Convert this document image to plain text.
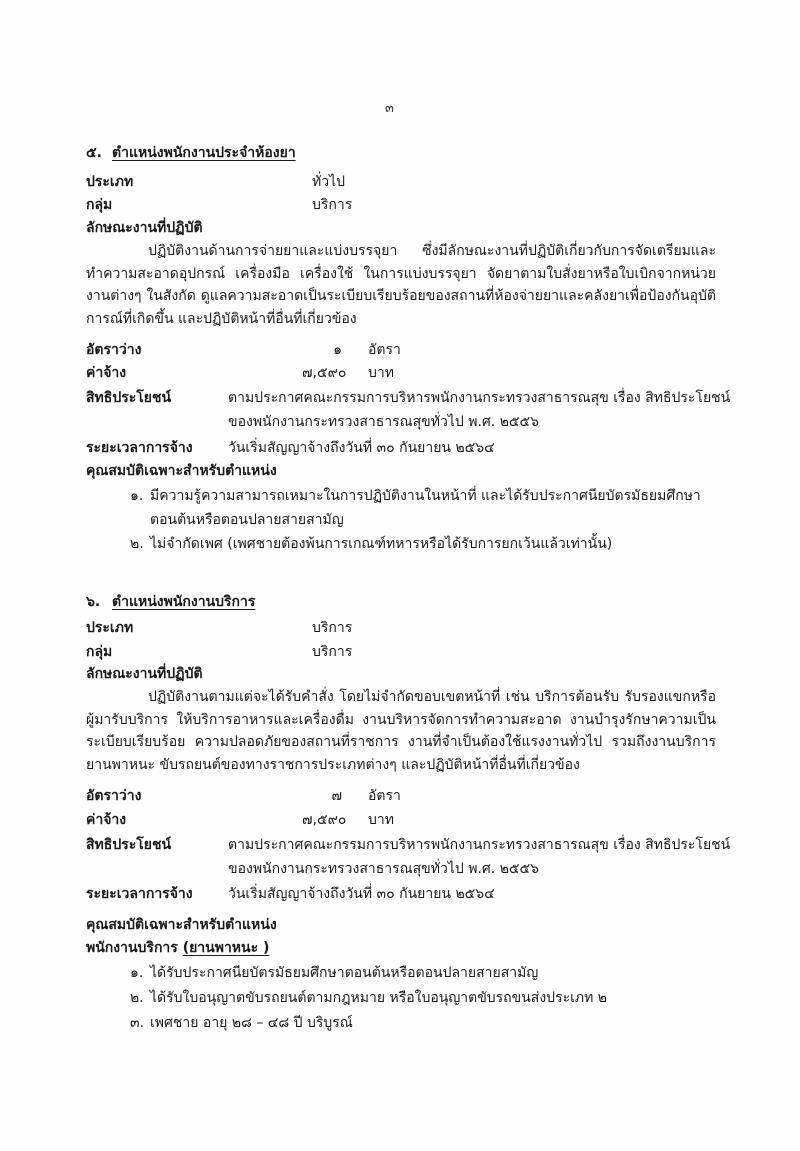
๓
๕. ตำแหน่งพนักงานประจำห้องยา
ประเภท	ทั่วไป
กลุ่ม	บริการ
ลักษณะงานที่ปฏิบัติ
ปฏิบัติงานด้านการจ่ายยาและแบ่งบรรจุยา ซึ่งมีลักษณะงานที่ปฏิบัติเกี่ยวกับการจัดเตรียมและทำความสะอาดอุปกรณ์ เครื่องมือ เครื่องใช้ ในการแบ่งบรรจุยา จัดยาตามใบสั่งยาหรือใบเบิกจากหน่วยงานต่างๆ ในสังกัด ดูแลความสะอาดเป็นระเบียบเรียบร้อยของสถานที่ห้องจ่ายยาและคลังยาเพื่อป้องกันอุบัติการณ์ที่เกิดขึ้น และปฏิบัติหน้าที่อื่นที่เกี่ยวข้อง
อัตราว่าง	๑ อัตรา
ค่าจ้าง	๗,๕๙๐ บาท
สิทธิประโยชน์	ตามประกาศคณะกรรมการบริหารพนักงานกระทรวงสาธารณสุข เรื่อง สิทธิประโยชน์
ของพนักงานกระทรวงสาธารณสุขทั่วไป พ.ศ. ๒๕๕๖
ระยะเวลาการจ้าง	วันเริ่มสัญญาจ้างถึงวันที่ ๓๐ กันยายน ๒๕๖๔
คุณสมบัติเฉพาะสำหรับตำแหน่ง
๑. มีความรู้ความสามารถเหมาะในการปฏิบัติงานในหน้าที่ และได้รับประกาศนียบัตรมัธยมศึกษา
ตอนต้นหรือตอนปลายสายสามัญ
๒. ไม่จำกัดเพศ (เพศชายต้องพ้นการเกณฑ์ทหารหรือได้รับการยกเว้นแล้วเท่านั้น)
๖. ตำแหน่งพนักงานบริการ
ประเภท	บริการ
กลุ่ม	บริการ
ลักษณะงานที่ปฏิบัติ
ปฏิบัติงานตามแต่จะได้รับคำสั่ง โดยไม่จำกัดขอบเขตหน้าที่ เช่น บริการต้อนรับ รับรองแขกหรือผู้มารับบริการ ให้บริการอาหารและเครื่องดื่ม งานบริหารจัดการทำความสะอาด งานบำรุงรักษาความเป็นระเบียบเรียบร้อย ความปลอดภัยของสถานที่ราชการ งานที่จำเป็นต้องใช้แรงงานทั่วไป รวมถึงงานบริการยานพาหนะ ขับรถยนต์ของทางราชการประเภทต่างๆ และปฏิบัติหน้าที่อื่นที่เกี่ยวข้อง
อัตราว่าง	๗ อัตรา
ค่าจ้าง	๗,๕๙๐ บาท
สิทธิประโยชน์	ตามประกาศคณะกรรมการบริหารพนักงานกระทรวงสาธารณสุข เรื่อง สิทธิประโยชน์
ของพนักงานกระทรวงสาธารณสุขทั่วไป พ.ศ. ๒๕๕๖
ระยะเวลาการจ้าง	วันเริ่มสัญญาจ้างถึงวันที่ ๓๐ กันยายน ๒๕๖๔
คุณสมบัติเฉพาะสำหรับตำแหน่ง
พนักงานบริการ (ยานพาหนะ )
๑. ได้รับประกาศนียบัตรมัธยมศึกษาตอนต้นหรือตอนปลายสายสามัญ
๒. ได้รับใบอนุญาตขับรถยนต์ตามกฎหมาย หรือใบอนุญาตขับรถขนส่งประเภท ๒
๓. เพศชาย อายุ ๒๘ – ๔๘ ปี บริบูรณ์
